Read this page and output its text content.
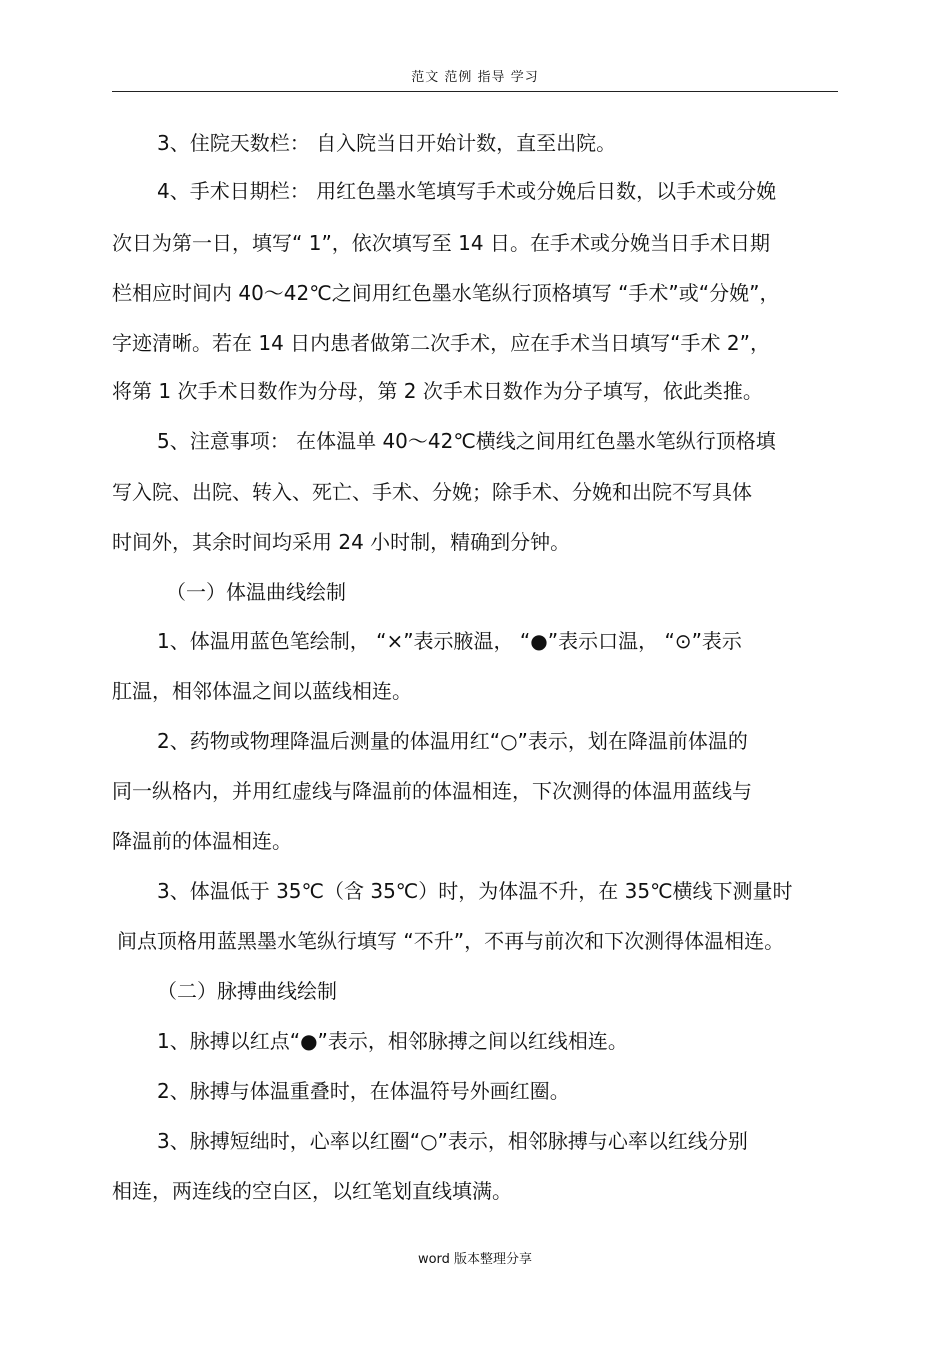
范文 范例 指导 学习
3、住院天数栏： 自入院当日开始计数，直至出院。
4、手术日期栏： 用红色墨水笔填写手术或分娩后日数，以手术或分娩
次日为第一日，填写“ 1”，依次填写至 14 日。在手术或分娩当日手术日期
栏相应时间内 40～42℃之间用红色墨水笔纵行顶格填写 “手术”或“分娩”，
字迹清晰。若在 14 日内患者做第二次手术，应在手术当日填写“手术 2”，
将第 1 次手术日数作为分母，第 2 次手术日数作为分子填写，依此类推。
5、注意事项： 在体温单 40～42℃横线之间用红色墨水笔纵行顶格填
写入院、出院、转入、死亡、手术、分娩；除手术、分娩和出院不写具体
时间外，其余时间均采用 24 小时制，精确到分钟。
（一）体温曲线绘制
1、体温用蓝色笔绘制， “×”表示腋温， “●”表示口温， “⊙”表示
肛温，相邻体温之间以蓝线相连。
2、药物或物理降温后测量的体温用红“○”表示，划在降温前体温的
同一纵格内，并用红虚线与降温前的体温相连，下次测得的体温用蓝线与
降温前的体温相连。
3、体温低于 35℃（含 35℃）时，为体温不升，在 35℃横线下测量时
间点顶格用蓝黑墨水笔纵行填写 “不升”，不再与前次和下次测得体温相连。
（二）脉搏曲线绘制
1、脉搏以红点“●”表示，相邻脉搏之间以红线相连。
2、脉搏与体温重叠时，在体温符号外画红圈。
3、脉搏短绌时，心率以红圈“○”表示，相邻脉搏与心率以红线分别
相连，两连线的空白区，以红笔划直线填满。
word 版本整理分享
